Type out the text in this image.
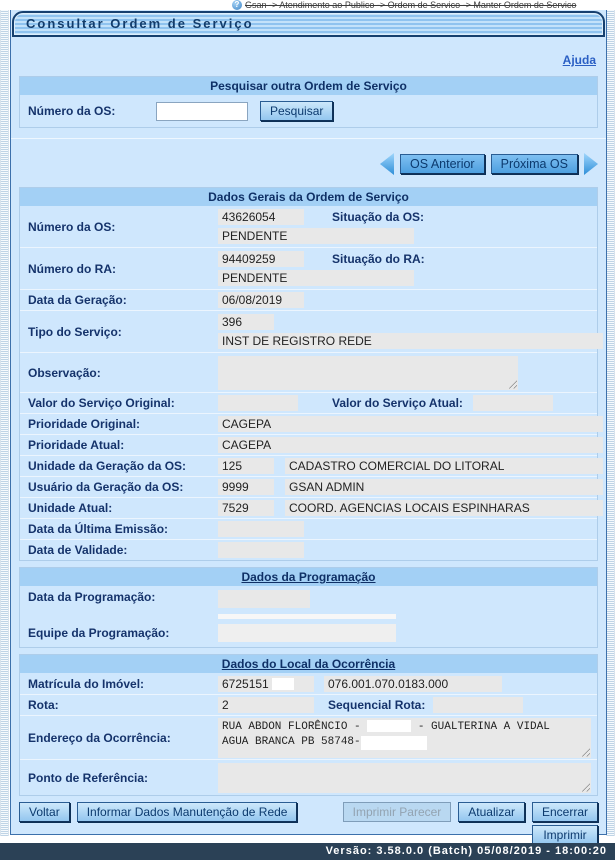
? Gsan -> Atendimento ao Publico -> Ordem de Servico -> Manter Ordem de Servico
Consultar Ordem de Serviço
Ajuda
Pesquisar outra Ordem de Serviço
Número da OS:	Pesquisar
OS Anterior	Próxima OS
Dados Gerais da Ordem de Serviço
Número da OS:
43626054	Situação da OS:
PENDENTE
Número do RA:
94409259	Situação do RA:
PENDENTE
Data da Geração:	06/08/2019
Tipo do Serviço:
396
INST DE REGISTRO REDE
Observação:
Valor do Serviço Original:	Valor do Serviço Atual:
Prioridade Original:	CAGEPA
Prioridade Atual:	CAGEPA
Unidade da Geração da OS:	125	CADASTRO COMERCIAL DO LITORAL
Usuário da Geração da OS:	9999	GSAN ADMIN
Unidade Atual:	7529	COORD. AGENCIAS LOCAIS ESPINHARAS
Data da Última Emissão:
Data de Validade:
Dados da Programação
Data da Programação:
Equipe da Programação:
Dados do Local da Ocorrência
Matrícula do Imóvel:	6725151	076.001.070.0183.000
Rota:	2	Sequencial Rota:
Endereço da Ocorrência:
RUA ABDON FLORÊNCIO -	- GUALTERINA A VIDAL
AGUA BRANCA PB 58748-
Ponto de Referência:
Voltar	Informar Dados Manutenção de Rede	Imprimir Parecer	Atualizar	Encerrar
Imprimir
Versão: 3.58.0.0 (Batch) 05/08/2019 - 18:00:20
